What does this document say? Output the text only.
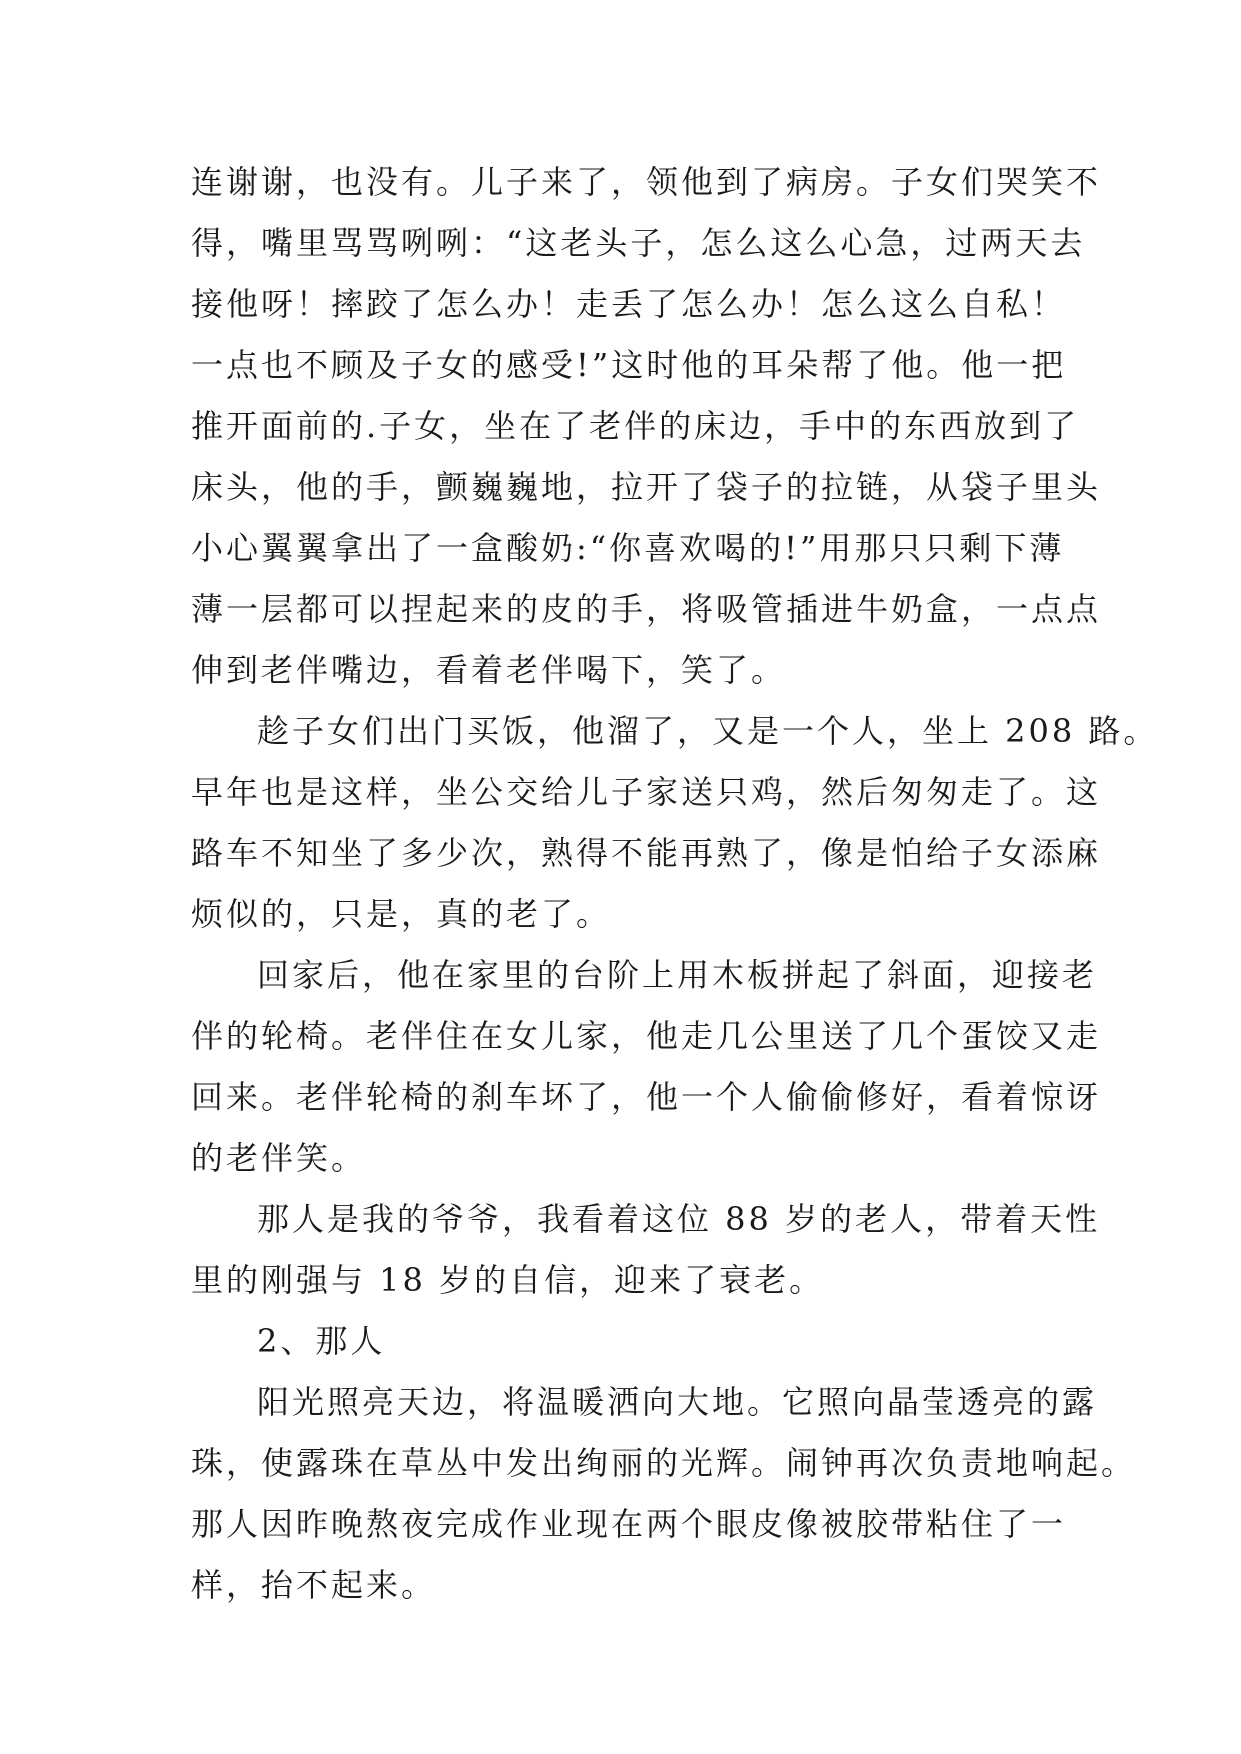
连谢谢，也没有。儿子来了，领他到了病房。子女们哭笑不
得，嘴里骂骂咧咧：“这老头子，怎么这么心急，过两天去
接他呀！摔跤了怎么办！走丢了怎么办！怎么这么自私！
一点也不顾及子女的感受!”这时他的耳朵帮了他。他一把
推开面前的.子女，坐在了老伴的床边，手中的东西放到了
床头，他的手，颤巍巍地，拉开了袋子的拉链，从袋子里头
小心翼翼拿出了一盒酸奶:“你喜欢喝的!”用那只只剩下薄
薄一层都可以捏起来的皮的手，将吸管插进牛奶盒，一点点
伸到老伴嘴边，看着老伴喝下，笑了。
趁子女们出门买饭，他溜了，又是一个人，坐上 208 路。
早年也是这样，坐公交给儿子家送只鸡，然后匆匆走了。这
路车不知坐了多少次，熟得不能再熟了，像是怕给子女添麻
烦似的，只是，真的老了。
回家后，他在家里的台阶上用木板拼起了斜面，迎接老
伴的轮椅。老伴住在女儿家，他走几公里送了几个蛋饺又走
回来。老伴轮椅的刹车坏了，他一个人偷偷修好，看着惊讶
的老伴笑。
那人是我的爷爷，我看着这位 88 岁的老人，带着天性
里的刚强与 18 岁的自信，迎来了衰老。
2、那人
阳光照亮天边，将温暖洒向大地。它照向晶莹透亮的露
珠，使露珠在草丛中发出绚丽的光辉。闹钟再次负责地响起。
那人因昨晚熬夜完成作业现在两个眼皮像被胶带粘住了一
样，抬不起来。
